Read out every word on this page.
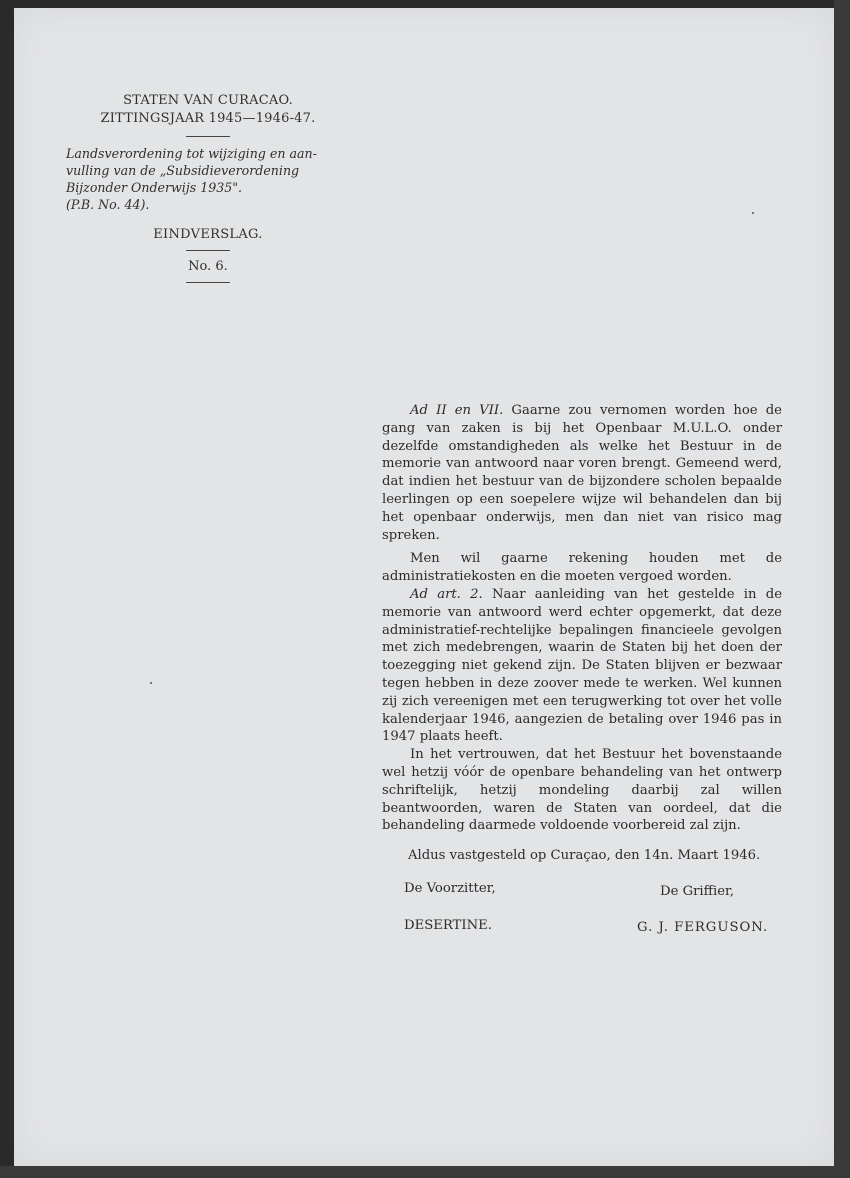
STATEN VAN CURACAO.
ZITTINGSJAAR 1945—1946-47.
Landsverordening tot wijziging en aan-
vulling van de „Subsidieverordening
Bijzonder Onderwijs 1935".
(P.B. No. 44).
EINDVERSLAG.
No. 6.

Ad II en VII. Gaarne zou vernomen worden hoe de gang van zaken is bij het Openbaar M.U.L.O. onder dezelfde omstandigheden als welke het Bestuur in de memorie van antwoord naar voren brengt. Gemeend werd, dat indien het bestuur van de bijzondere scholen bepaalde leerlingen op een soepelere wijze wil behandelen dan bij het openbaar onderwijs, men dan niet van risico mag spreken.

Men wil gaarne rekening houden met de administratiekosten en die moeten vergoed worden.

Ad art. 2. Naar aanleiding van het gestelde in de memorie van antwoord werd echter opgemerkt, dat deze administratief-rechtelijke bepalingen financieele gevolgen met zich medebrengen, waarin de Staten bij het doen der toezegging niet gekend zijn. De Staten blijven er bezwaar tegen hebben in deze zoover mede te werken. Wel kunnen zij zich vereenigen met een terugwerking tot over het volle kalenderjaar 1946, aangezien de betaling over 1946 pas in 1947 plaats heeft.

In het vertrouwen, dat het Bestuur het bovenstaande wel hetzij vóór de openbare behandeling van het ontwerp schriftelijk, hetzij mondeling daarbij zal willen beantwoorden, waren de Staten van oordeel, dat die behandeling daarmede voldoende voorbereid zal zijn.

Aldus vastgesteld op Curaçao, den 14n. Maart 1946.
De Voorzitter,	De Griffier,
DESERTINE.	G. J. FERGUSON.
